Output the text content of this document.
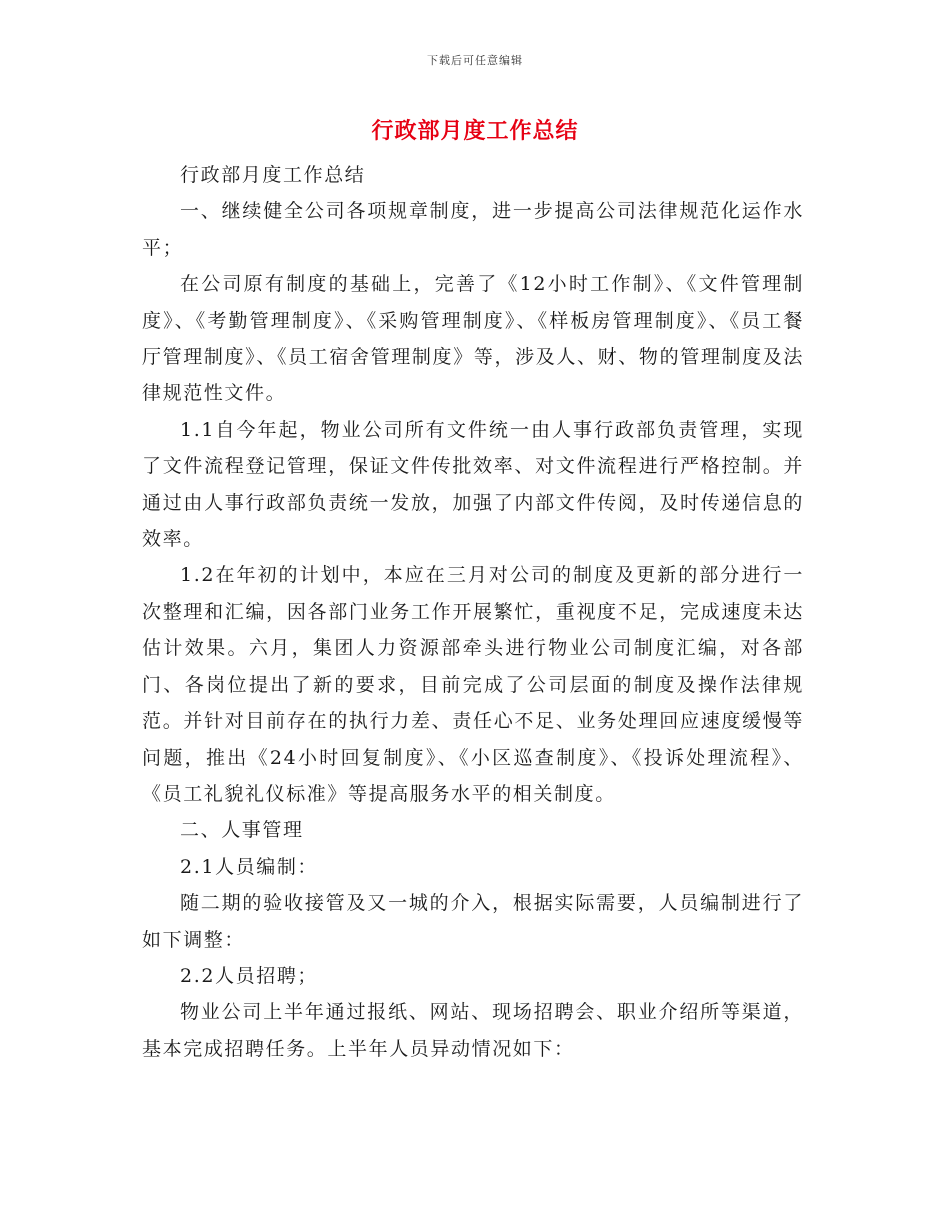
下载后可任意编辑
行政部月度工作总结

行政部月度工作总结

一、继续健全公司各项规章制度，进一步提高公司法律规范化运作水平；

在公司原有制度的基础上，完善了《12小时工作制》、《文件管理制度》、《考勤管理制度》、《采购管理制度》、《样板房管理制度》、《员工餐厅管理制度》、《员工宿舍管理制度》等，涉及人、财、物的管理制度及法律规范性文件。

1.1自今年起，物业公司所有文件统一由人事行政部负责管理，实现了文件流程登记管理，保证文件传批效率、对文件流程进行严格控制。并通过由人事行政部负责统一发放，加强了内部文件传阅，及时传递信息的效率。

1.2在年初的计划中，本应在三月对公司的制度及更新的部分进行一次整理和汇编，因各部门业务工作开展繁忙，重视度不足，完成速度未达估计效果。六月，集团人力资源部牵头进行物业公司制度汇编，对各部门、各岗位提出了新的要求，目前完成了公司层面的制度及操作法律规范。并针对目前存在的执行力差、责任心不足、业务处理回应速度缓慢等问题，推出《24小时回复制度》、《小区巡查制度》、《投诉处理流程》、《员工礼貌礼仪标准》等提高服务水平的相关制度。

二、人事管理

2.1人员编制：

随二期的验收接管及又一城的介入，根据实际需要，人员编制进行了如下调整：

2.2人员招聘；

物业公司上半年通过报纸、网站、现场招聘会、职业介绍所等渠道，基本完成招聘任务。上半年人员异动情况如下：
